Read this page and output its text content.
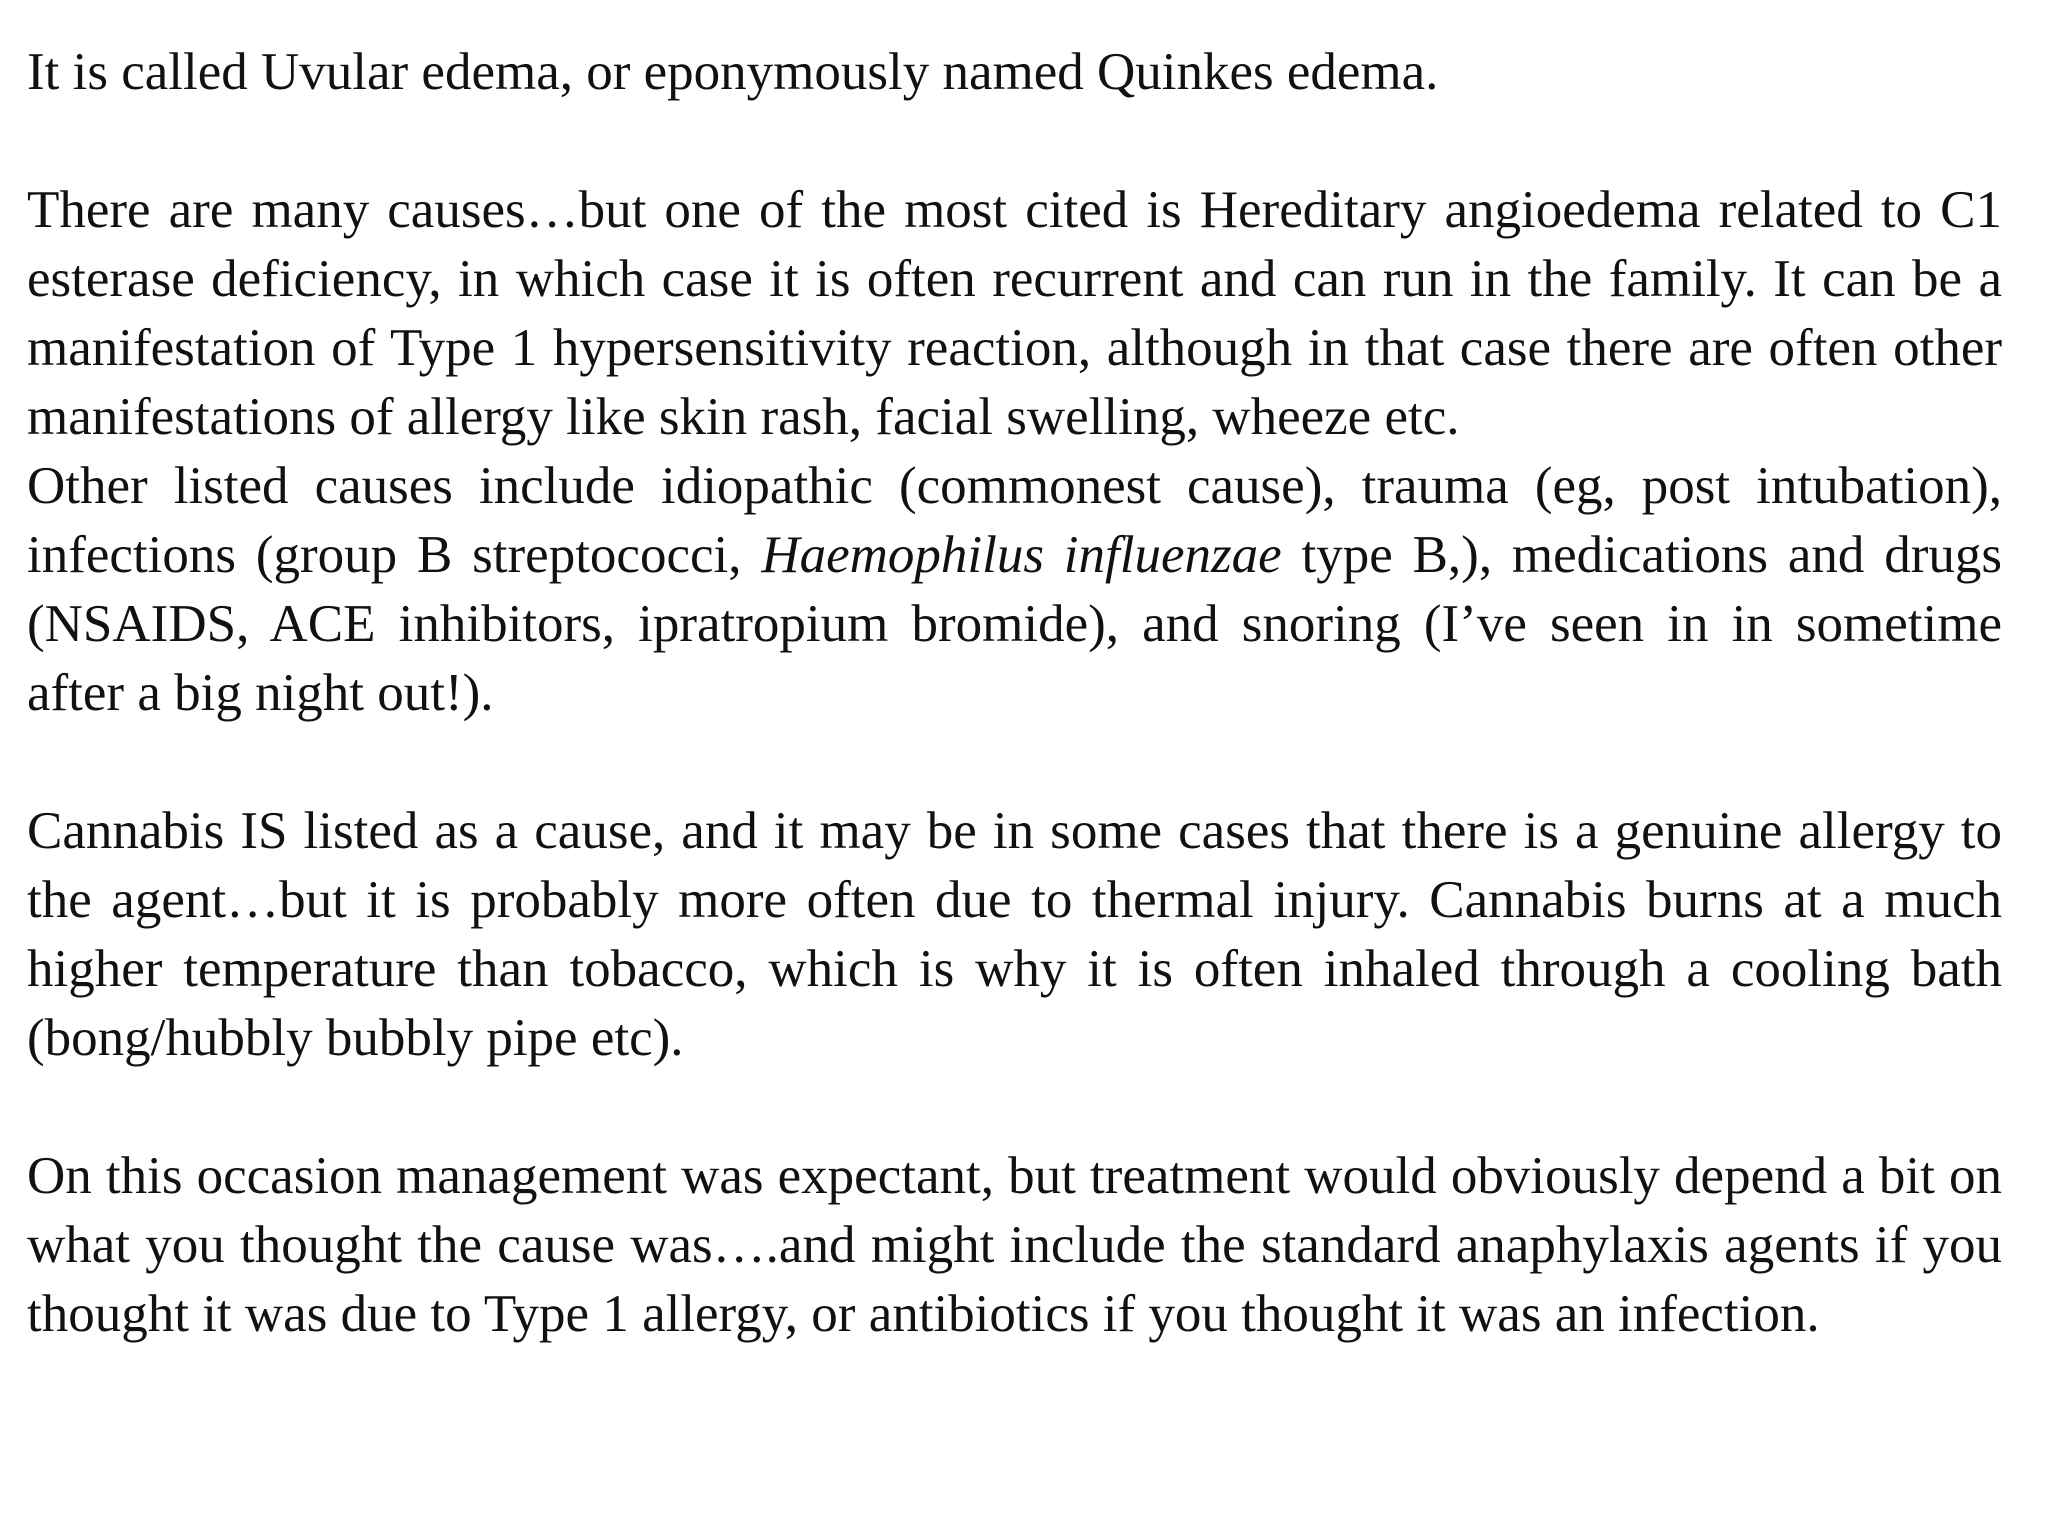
It is called Uvular edema, or eponymously named Quinkes edema.

There are many causes…but one of the most cited is Hereditary angioedema related to C1 esterase deficiency, in which case it is often recurrent and can run in the family. It can be a manifestation of Type 1 hypersensitivity reaction, although in that case there are often other manifestations of allergy like skin rash, facial swelling, wheeze etc.

Other listed causes include idiopathic (commonest cause), trauma (eg, post intubation), infections (group B streptococci, Haemophilus influenzae type B,), medications and drugs (NSAIDS, ACE inhibitors, ipratropium bromide), and snoring (I’ve seen in in sometime after a big night out!).

Cannabis IS listed as a cause, and it may be in some cases that there is a genuine allergy to the agent…but it is probably more often due to thermal injury. Cannabis burns at a much higher temperature than tobacco, which is why it is often inhaled through a cooling bath (bong/hubbly bubbly pipe etc).

On this occasion management was expectant, but treatment would obviously depend a bit on what you thought the cause was….and might include the standard anaphylaxis agents if you thought it was due to Type 1 allergy, or antibiotics if you thought it was an infection.
